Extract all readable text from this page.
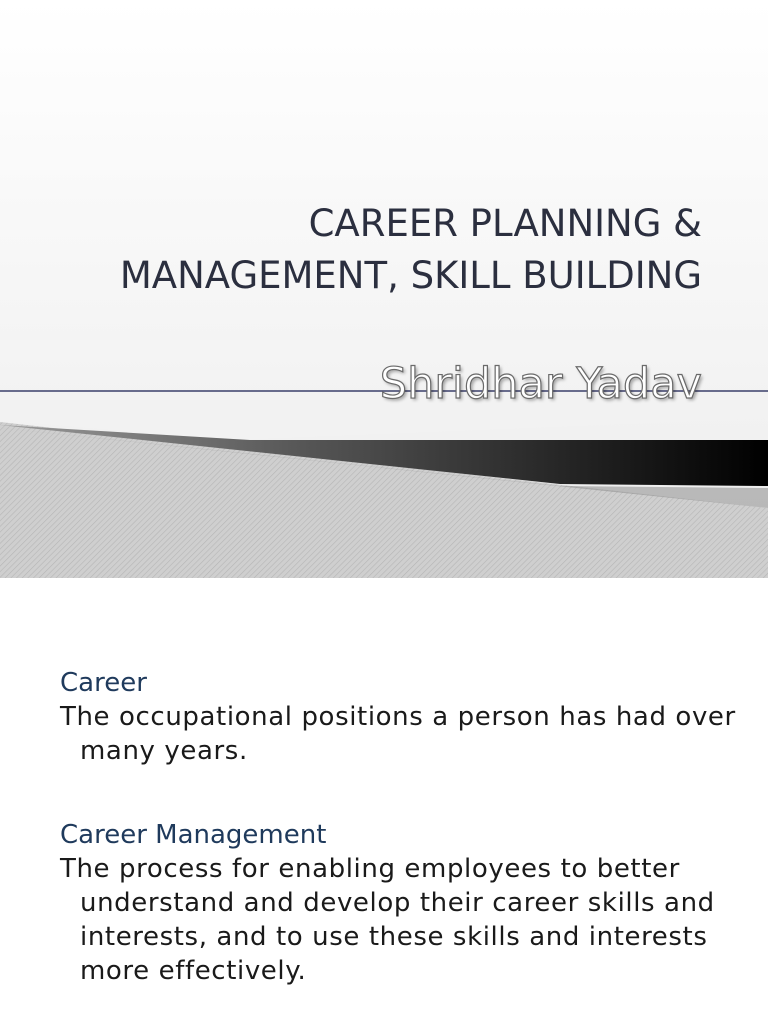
CAREER PLANNING &
MANAGEMENT, SKILL BUILDING

Shridhar Yadav

Career

The occupational positions a person has had over many years.

Career Management

The process for enabling employees to better understand and develop their career skills and interests, and to use these skills and interests more effectively.
